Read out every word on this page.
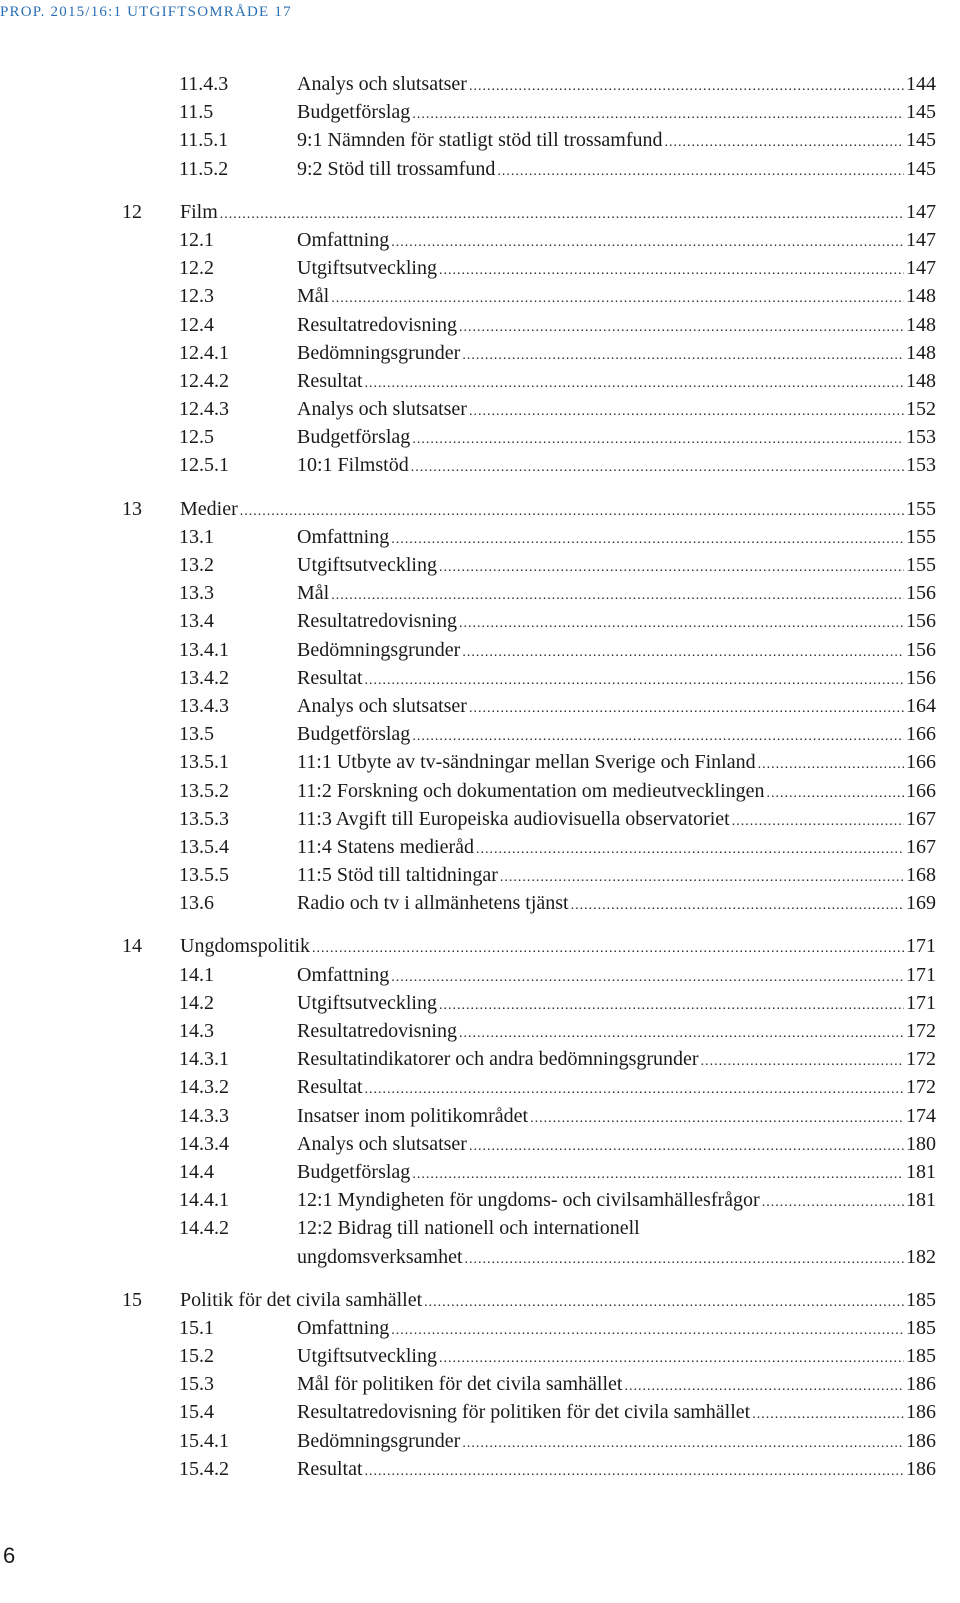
PROP. 2015/16:1 UTGIFTSOMRÅDE 17
11.4.3	Analys och slutsatser .....	144
11.5	Budgetförslag .....	145
11.5.1	9:1 Nämnden för statligt stöd till trossamfund .....	145
11.5.2	9:2 Stöd till trossamfund .....	145
12 Film .....	147
12.1	Omfattning .....	147
12.2	Utgiftsutveckling .....	147
12.3	Mål .....	148
12.4	Resultatredovisning .....	148
12.4.1	Bedömningsgrunder .....	148
12.4.2	Resultat .....	148
12.4.3	Analys och slutsatser .....	152
12.5	Budgetförslag .....	153
12.5.1	10:1 Filmstöd .....	153
13 Medier .....	155
13.1	Omfattning .....	155
13.2	Utgiftsutveckling .....	155
13.3	Mål .....	156
13.4	Resultatredovisning .....	156
13.4.1	Bedömningsgrunder .....	156
13.4.2	Resultat .....	156
13.4.3	Analys och slutsatser .....	164
13.5	Budgetförslag .....	166
13.5.1	11:1 Utbyte av tv-sändningar mellan Sverige och Finland .....	166
13.5.2	11:2 Forskning och dokumentation om medieutvecklingen .....	166
13.5.3	11:3 Avgift till Europeiska audiovisuella observatoriet .....	167
13.5.4	11:4 Statens medieråd .....	167
13.5.5	11:5 Stöd till taltidningar .....	168
13.6	Radio och tv i allmänhetens tjänst .....	169
14 Ungdomspolitik .....	171
14.1	Omfattning .....	171
14.2	Utgiftsutveckling .....	171
14.3	Resultatredovisning .....	172
14.3.1	Resultatindikatorer och andra bedömningsgrunder .....	172
14.3.2	Resultat .....	172
14.3.3	Insatser inom politikområdet .....	174
14.3.4	Analys och slutsatser .....	180
14.4	Budgetförslag .....	181
14.4.1	12:1 Myndigheten för ungdoms- och civilsamhällesfrågor .....	181
14.4.2	12:2 Bidrag till nationell och internationell
ungdomsverksamhet .....	182
15 Politik för det civila samhället .....	185
15.1	Omfattning .....	185
15.2	Utgiftsutveckling .....	185
15.3	Mål för politiken för det civila samhället .....	186
15.4	Resultatredovisning för politiken för det civila samhället .....	186
15.4.1	Bedömningsgrunder .....	186
15.4.2	Resultat .....	186
6
